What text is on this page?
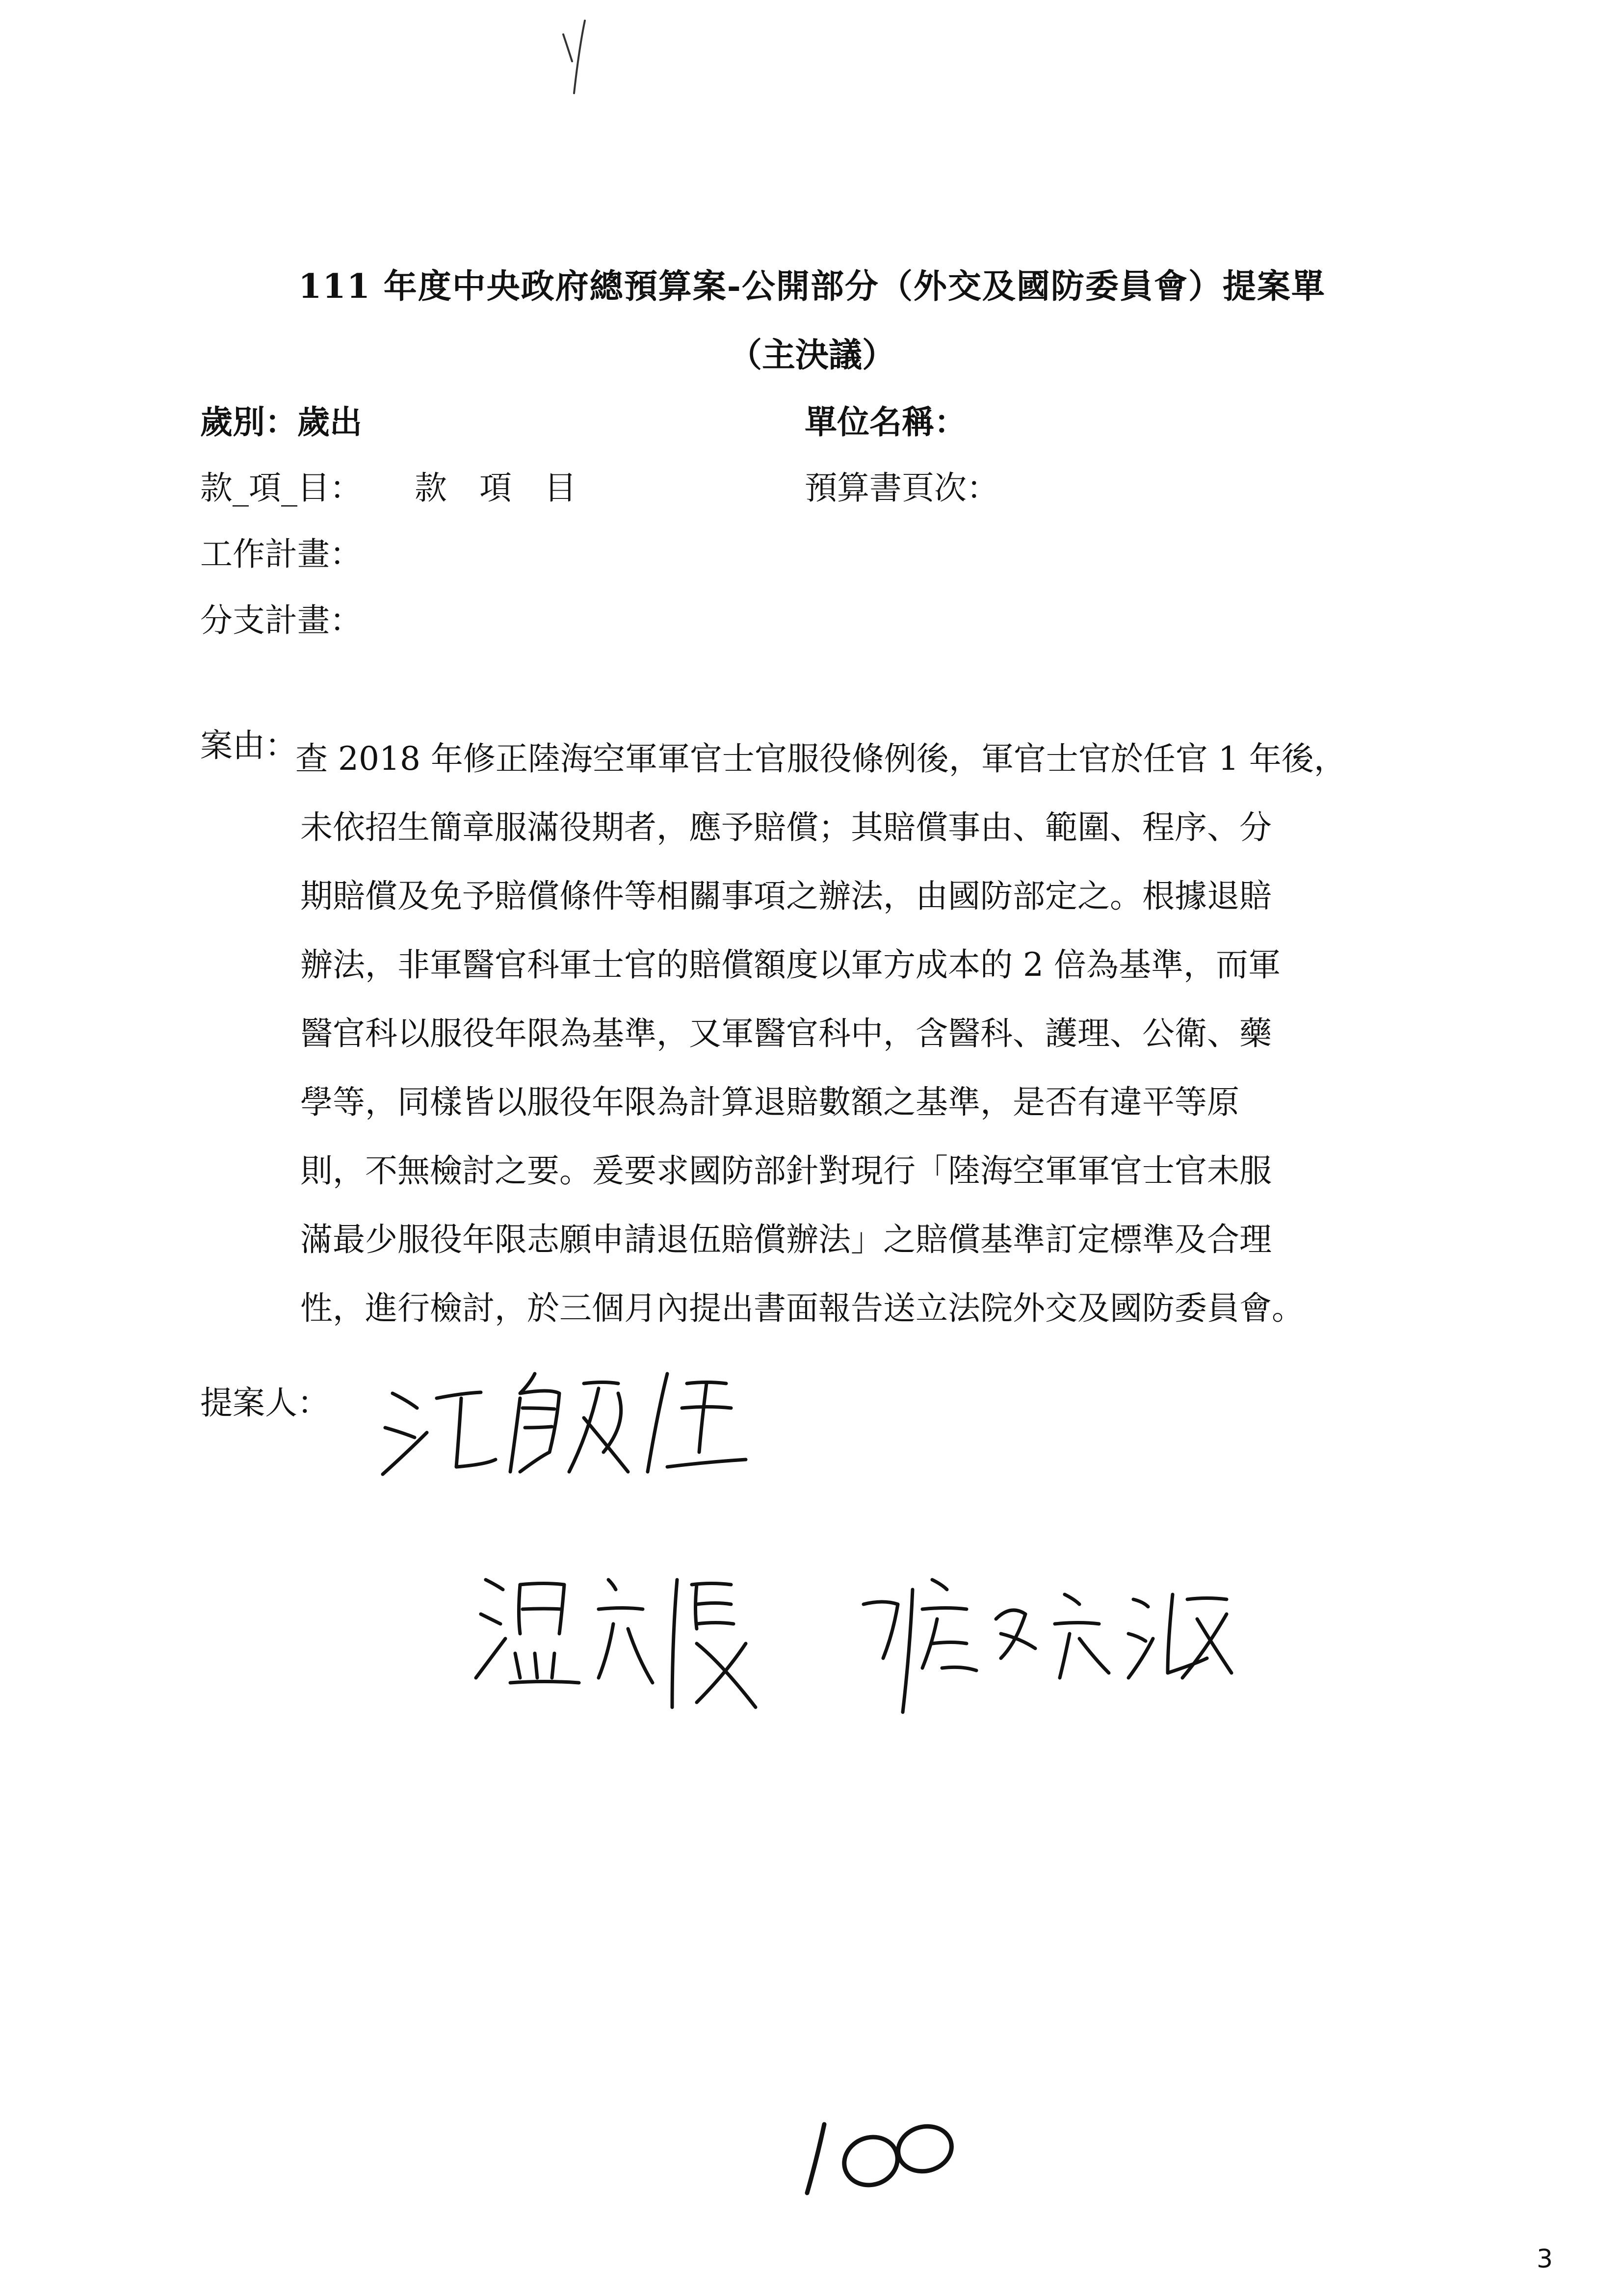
111 年度中央政府總預算案-公開部分（外交及國防委員會）提案單
（主決議）
歲別：歲出	單位名稱：
款_項_目： 款　項　目	預算書頁次：
工作計畫：
分支計畫：
案由：
查 2018 年修正陸海空軍軍官士官服役條例後，軍官士官於任官 1 年後，
未依招生簡章服滿役期者，應予賠償；其賠償事由、範圍、程序、分
期賠償及免予賠償條件等相關事項之辦法，由國防部定之。根據退賠
辦法，非軍醫官科軍士官的賠償額度以軍方成本的 2 倍為基準，而軍
醫官科以服役年限為基準，又軍醫官科中，含醫科、護理、公衛、藥
學等，同樣皆以服役年限為計算退賠數額之基準，是否有違平等原
則，不無檢討之要。爰要求國防部針對現行「陸海空軍軍官士官未服
滿最少服役年限志願申請退伍賠償辦法」之賠償基準訂定標準及合理
性，進行檢討，於三個月內提出書面報告送立法院外交及國防委員會。
提案人：
3
